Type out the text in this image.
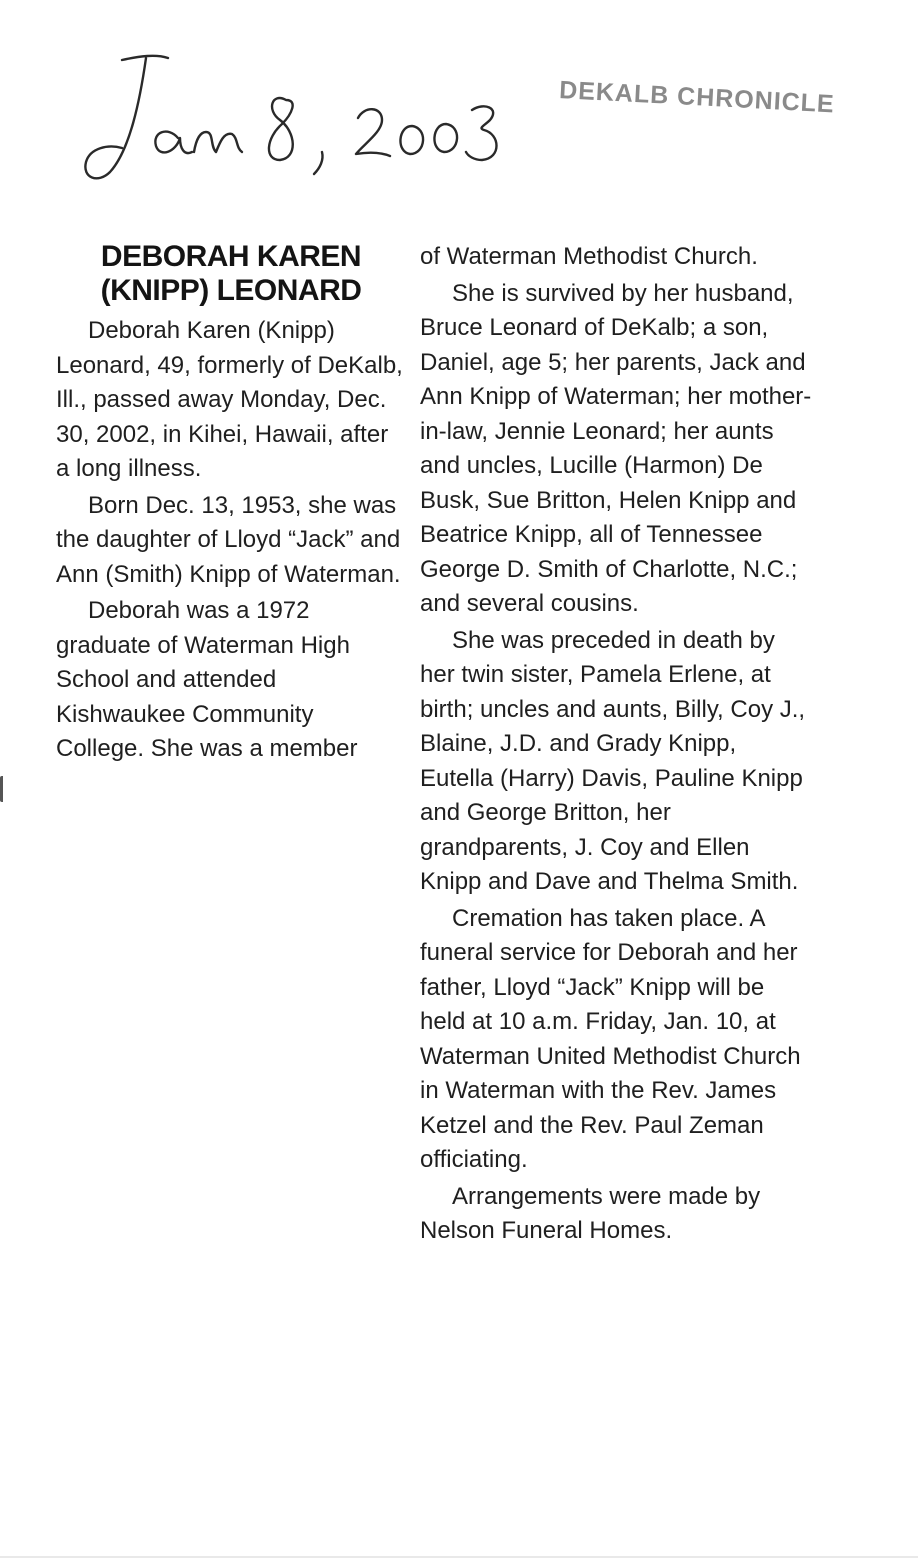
DEKALB CHRONICLE
DEBORAH KAREN
(KNIPP) LEONARD

Deborah Karen (Knipp) Leonard, 49, formerly of DeKalb, Ill., passed away Monday, Dec. 30, 2002, in Kihei, Hawaii, after a long illness.

Born Dec. 13, 1953, she was the daughter of Lloyd “Jack” and Ann (Smith) Knipp of Waterman.

Deborah was a 1972 graduate of Waterman High School and attended Kishwaukee Community College. She was a member

of Waterman Methodist Church.

She is survived by her husband, Bruce Leonard of DeKalb; a son, Daniel, age 5; her parents, Jack and Ann Knipp of Waterman; her mother-in-law, Jennie Leonard; her aunts and uncles, Lucille (Harmon) De Busk, Sue Britton, Helen Knipp and Beatrice Knipp, all of Tennessee George D. Smith of Charlotte, N.C.; and several cousins.

She was preceded in death by her twin sister, Pamela Erlene, at birth; uncles and aunts, Billy, Coy J., Blaine, J.D. and Grady Knipp, Eutella (Harry) Davis, Pauline Knipp and George Britton, her grandparents, J. Coy and Ellen Knipp and Dave and Thelma Smith.

Cremation has taken place. A funeral service for Deborah and her father, Lloyd “Jack” Knipp will be held at 10 a.m. Friday, Jan. 10, at Waterman United Methodist Church in Waterman with the Rev. James Ketzel and the Rev. Paul Zeman officiating.

Arrangements were made by Nelson Funeral Homes.
